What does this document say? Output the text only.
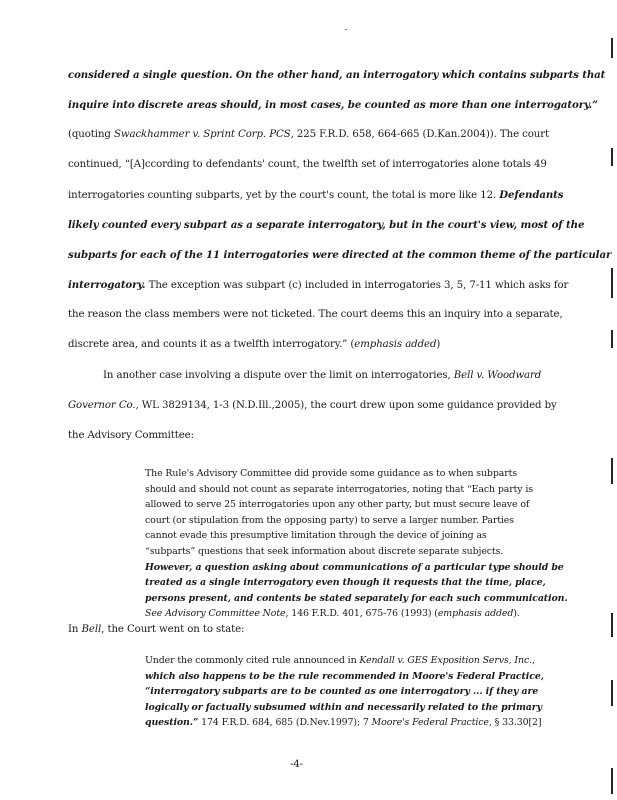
considered a single question. On the other hand, an interrogatory which contains subparts that
inquire into discrete areas should, in most cases, be counted as more than one interrogatory.”
(quoting Swackhammer v. Sprint Corp. PCS, 225 F.R.D. 658, 664-665 (D.Kan.2004)). The court
continued, “[A]ccording to defendants' count, the twelfth set of interrogatories alone totals 49
interrogatories counting subparts, yet by the court's count, the total is more like 12. Defendants
likely counted every subpart as a separate interrogatory, but in the court's view, most of the
subparts for each of the 11 interrogatories were directed at the common theme of the particular
interrogatory. The exception was subpart (c) included in interrogatories 3, 5, 7-11 which asks for
the reason the class members were not ticketed. The court deems this an inquiry into a separate,
discrete area, and counts it as a twelfth interrogatory.” (emphasis added)
In another case involving a dispute over the limit on interrogatories, Bell v. Woodward
Governor Co., WL 3829134, 1-3 (N.D.Ill.,2005), the court drew upon some guidance provided by
the Advisory Committee:
In Bell, the Court went on to state:
The Rule's Advisory Committee did provide some guidance as to when subparts
should and should not count as separate interrogatories, noting that “Each party is
allowed to serve 25 interrogatories upon any other party, but must secure leave of
court (or stipulation from the opposing party) to serve a larger number. Parties
cannot evade this presumptive limitation through the device of joining as
“subparts” questions that seek information about discrete separate subjects.
However, a question asking about communications of a particular type should be
treated as a single interrogatory even though it requests that the time, place,
persons present, and contents be stated separately for each such communication.
See Advisory Committee Note, 146 F.R.D. 401, 675-76 (1993) (emphasis added).
Under the commonly cited rule announced in Kendall v. GES Exposition Servs, Inc.,
which also happens to be the rule recommended in Moore's Federal Practice,
“interrogatory subparts are to be counted as one interrogatory ... if they are
logically or factually subsumed within and necessarily related to the primary
question.” 174 F.R.D. 684, 685 (D.Nev.1997); 7 Moore's Federal Practice, § 33.30[2]
-4-
